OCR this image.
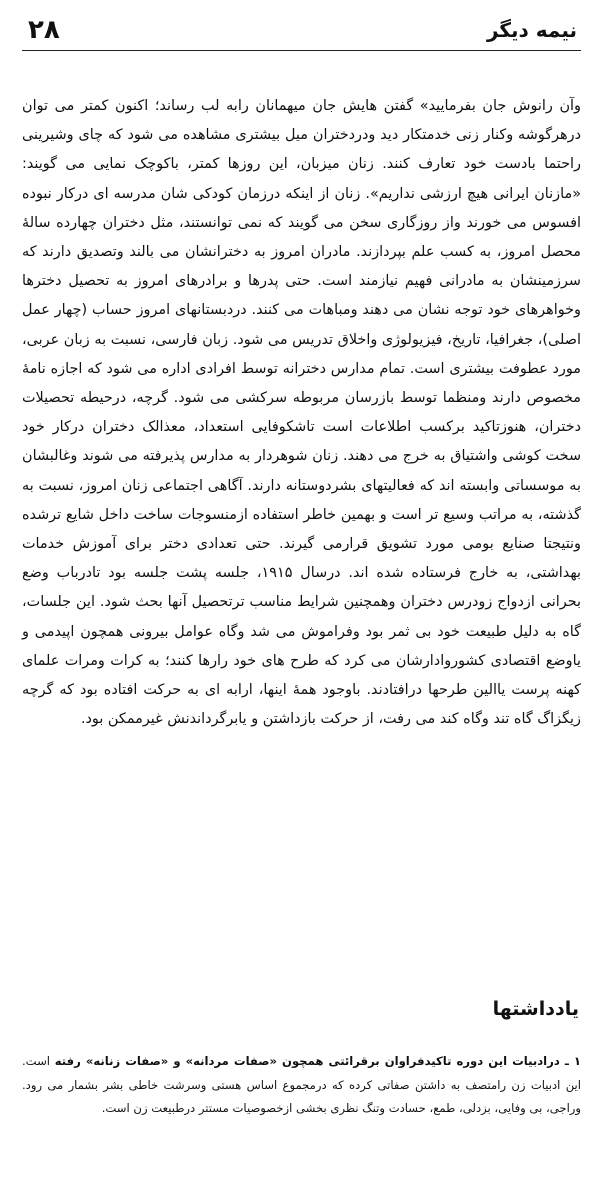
۲۸	نیمه دیگر

وآن رانوش جان بفرمایید» گفتن هایش جان میهمانان رابه لب رساند؛ اکنون کمتر می توان درهرگوشه وکنار زنی خدمتکار دید ودردختران میل بیشتری مشاهده می شود که چای وشیرینی راحتما بادست خود تعارف کنند. زنان میزبان، این روزها کمتر، باکوچک نمایی می گویند: «مازنان ایرانی هیچ ارزشی نداریم». زنان از اینکه درزمان کودکی شان مدرسه ای درکار نبوده افسوس می خورند واز روزگاری سخن می گویند که نمی توانستند، مثل دختران چهارده سالهٔ محصل امروز، به کسب علم بپردازند. مادران امروز به دخترانشان می بالند وتصدیق دارند که سرزمینشان به مادرانی فهیم نیازمند است. حتی پدرها و برادرهای امروز به تحصیل دخترها وخواهرهای خود توجه نشان می دهند ومباهات می کنند. دردبستانهای امروز حساب (چهار عمل اصلی)، جغرافیا، تاریخ، فیزیولوژی واخلاق تدریس می شود. زبان فارسی، نسبت به زبان عربی، مورد عطوفت بیشتری است. تمام مدارس دخترانه توسط افرادی اداره می شود که اجازه نامهٔ مخصوص دارند ومنظما توسط بازرسان مربوطه سرکشی می شود. گرچه، درحیطه تحصیلات دختران، هنوزتاکید برکسب اطلاعات است تاشکوفایی استعداد، معذالک دختران درکار خود سخت کوشی واشتیاق به خرج می دهند. زنان شوهردار به مدارس پذیرفته می شوند وغالبشان به موسساتی وابسته اند که فعالیتهای بشردوستانه دارند. آگاهی اجتماعی زنان امروز، نسبت به گذشته، به مراتب وسیع تر است و بهمین خاطر استفاده ازمنسوجات ساخت داخل شایع ترشده ونتیجتا صنایع بومی مورد تشویق قرارمی گیرند. حتی تعدادی دختر برای آموزش خدمات بهداشتی، به خارج فرستاده شده اند. درسال ۱۹۱۵، جلسه پشت جلسه بود تادرباب وضع بحرانی ازدواج زودرس دختران وهمچنین شرایط مناسب ترتحصیل آنها بحث شود. این جلسات، گاه به دلیل طبیعت خود بی ثمر بود وفراموش می شد وگاه عوامل بیرونی همچون اپیدمی و یاوضع اقتصادی کشوروادارشان می کرد که طرح های خود رارها کنند؛ به کرات ومرات علمای کهنه پرست یاالین طرحها درافتادند. باوجود همهٔ اینها، ارابه ای به حرکت افتاده بود که گرچه زیگزاگ گاه تند وگاه کند می رفت، از حرکت بازداشتن و یابرگرداندنش غیرممکن بود.

یادداشتها

۱ ـ درادبیات این دوره تاکیدفراوان برقرائتی همچون «صفات مردانه» و «صفات زنانه» رفته است. این ادبیات زن رامتصف به داشتن صفاتی کرده که درمجموع اساس هستی وسرشت خاطی بشر بشمار می رود. وراجی، بی وفایی، بزدلی، طمع، حسادت وتنگ نظری بخشی ازخصوصیات مستتر درطبیعت زن است.
